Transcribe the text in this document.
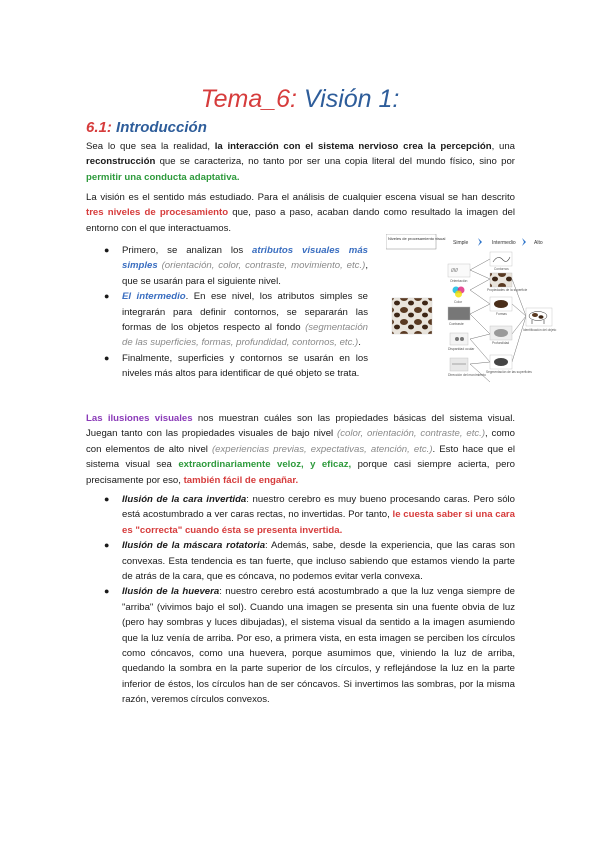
Tema_6: Visión 1:
6.1: Introducción
Sea lo que sea la realidad, la interacción con el sistema nervioso crea la percepción, una reconstrucción que se caracteriza, no tanto por ser una copia literal del mundo físico, sino por permitir una conducta adaptativa.
La visión es el sentido más estudiado. Para el análisis de cualquier escena visual se han descrito tres niveles de procesamiento que, paso a paso, acaban dando como resultado la imagen del entorno con el que interactuamos.
● Primero, se analizan los atributos visuales más simples (orientación, color, contraste, movimiento, etc.), que se usarán para el siguiente nivel.
● El intermedio. En ese nivel, los atributos simples se integrarán para definir contornos, se separarán las formas de los objetos respecto al fondo (segmentación de las superficies, formas, profundidad, contornos, etc.).
● Finalmente, superficies y contornos se usarán en los niveles más altos para identificar de qué objeto se trata.
Niveles de procesamiento visual
Simple	Intermedio	Alto
/////
Orientación
Color
Contraste
Disparidad ocular
Dirección del movimiento
Contornos
Propiedades de la superficie
Formas
Profundidad
Segmentación de las superficies
Identificación del objeto
Las ilusiones visuales nos muestran cuáles son las propiedades básicas del sistema visual. Juegan tanto con las propiedades visuales de bajo nivel (color, orientación, contraste, etc.), como con elementos de alto nivel (experiencias previas, expectativas, atención, etc.). Esto hace que el sistema visual sea extraordinariamente veloz, y eficaz, porque casi siempre acierta, pero precisamente por eso, también fácil de engañar.
● Ilusión de la cara invertida: nuestro cerebro es muy bueno procesando caras. Pero sólo está acostumbrado a ver caras rectas, no invertidas. Por tanto, le cuesta saber si una cara es "correcta" cuando ésta se presenta invertida.
● Ilusión de la máscara rotatoria: Además, sabe, desde la experiencia, que las caras son convexas. Esta tendencia es tan fuerte, que incluso sabiendo que estamos viendo la parte de atrás de la cara, que es cóncava, no podemos evitar verla convexa.
● Ilusión de la huevera: nuestro cerebro está acostumbrado a que la luz venga siempre de "arriba" (vivimos bajo el sol). Cuando una imagen se presenta sin una fuente obvia de luz (pero hay sombras y luces dibujadas), el sistema visual da sentido a la imagen asumiendo que la luz venía de arriba. Por eso, a primera vista, en esta imagen se perciben los círculos como cóncavos, como una huevera, porque asumimos que, viniendo la luz de arriba, quedando la sombra en la parte superior de los círculos, y reflejándose la luz en la parte inferior de éstos, los círculos han de ser cóncavos. Si invertimos las sombras, por la misma razón, veremos círculos convexos.
